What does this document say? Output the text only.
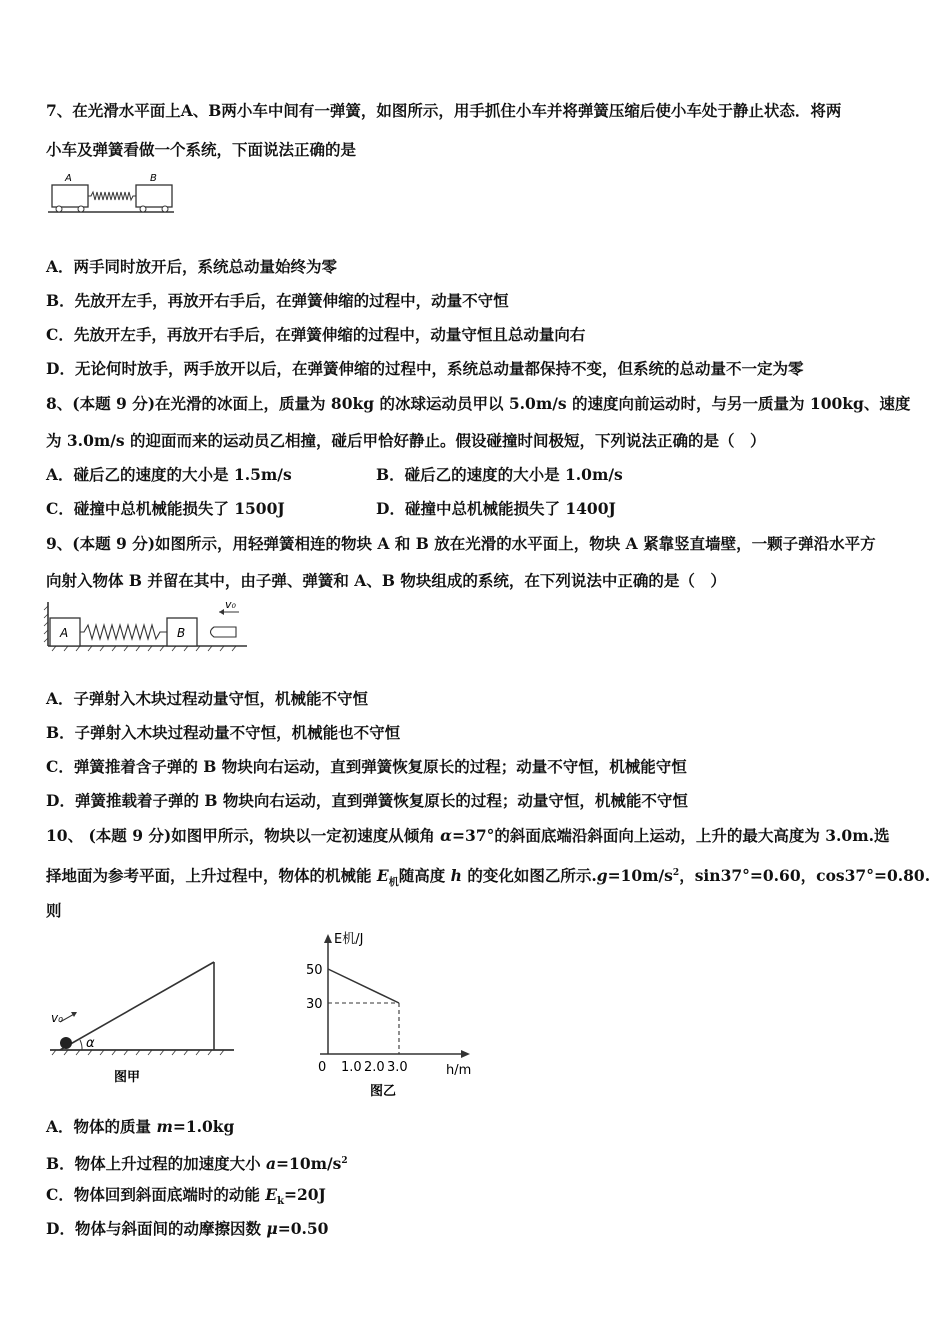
7、在光滑水平面上A、B两小车中间有一弹簧，如图所示，用手抓住小车并将弹簧压缩后使小车处于静止状态．将两
小车及弹簧看做一个系统，下面说法正确的是
A	B
A．两手同时放开后，系统总动量始终为零
B．先放开左手，再放开右手后，在弹簧伸缩的过程中，动量不守恒
C．先放开左手，再放开右手后，在弹簧伸缩的过程中，动量守恒且总动量向右
D．无论何时放手，两手放开以后，在弹簧伸缩的过程中，系统总动量都保持不变，但系统的总动量不一定为零
8、(本题 9 分)在光滑的冰面上，质量为 80kg 的冰球运动员甲以 5.0m/s 的速度向前运动时，与另一质量为 100kg、速度
为 3.0m/s 的迎面而来的运动员乙相撞，碰后甲恰好静止。假设碰撞时间极短，下列说法正确的是（　）
A．碰后乙的速度的大小是 1.5m/s	B．碰后乙的速度的大小是 1.0m/s
C．碰撞中总机械能损失了 1500J	D．碰撞中总机械能损失了 1400J
9、(本题 9 分)如图所示，用轻弹簧相连的物块 A 和 B 放在光滑的水平面上，物块 A 紧靠竖直墙壁，一颗子弹沿水平方
向射入物体 B 并留在其中，由子弹、弹簧和 A、B 物块组成的系统，在下列说法中正确的是（　）
A	B
v₀
A．子弹射入木块过程动量守恒，机械能不守恒
B．子弹射入木块过程动量不守恒，机械能也不守恒
C．弹簧推着含子弹的 B 物块向右运动，直到弹簧恢复原长的过程；动量不守恒，机械能守恒
D．弹簧推载着子弹的 B 物块向右运动，直到弹簧恢复原长的过程；动量守恒，机械能不守恒
10、 (本题 9 分)如图甲所示，物块以一定初速度从倾角 α=37°的斜面底端沿斜面向上运动，上升的最大高度为 3.0m.选
择地面为参考平面，上升过程中，物体的机械能 $E_机$随高度 h 的变化如图乙所示$.g=10m/s^2$，sin37°=0.60，cos37°=0.80.
则
v₀
α
图甲
E机/J
50
30
0 1.0 2.0 3.0	h/m
图乙
A．物体的质量 m=1.0kg
B．物体上升过程的加速度大小 $a=10m/s^2$
C．物体回到斜面底端时的动能 $E_k=20J$
D．物体与斜面间的动摩擦因数 μ=0.50
